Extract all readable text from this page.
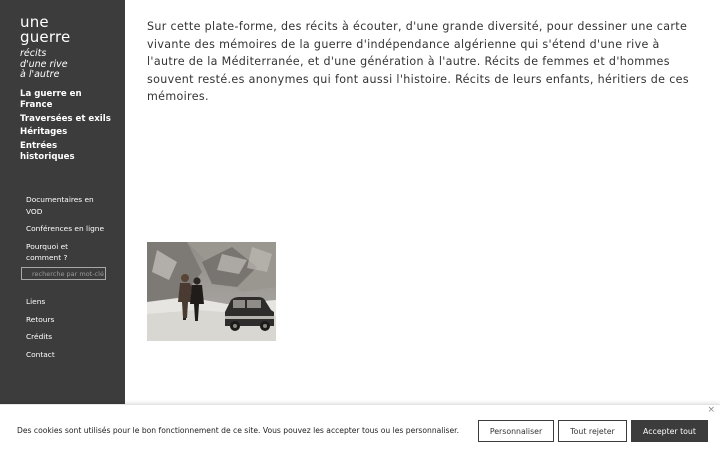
une
guerre
récits
d'une rive
à l'autre
La guerre en
France
Traversées et exils
Héritages
Entrées
historiques
Documentaires en
VOD
Conférences en ligne
Pourquoi et
comment ?
recherche par mot-clé
Liens
Retours
Crédits
Contact

Sur cette plate-forme, des récits à écouter, d'une grande diversité, pour dessiner une carte vivante des mémoires de la guerre d'indépendance algérienne qui s'étend d'une rive à l'autre de la Méditerranée, et d'une génération à l'autre. Récits de femmes et d'hommes souvent resté.es anonymes qui font aussi l'histoire. Récits de leurs enfants, héritiers de ces mémoires.

×

Des cookies sont utilisés pour le bon fonctionnement de ce site. Vous pouvez les accepter tous ou les personnaliser.	Personnaliser	Tout rejeter	Accepter tout
